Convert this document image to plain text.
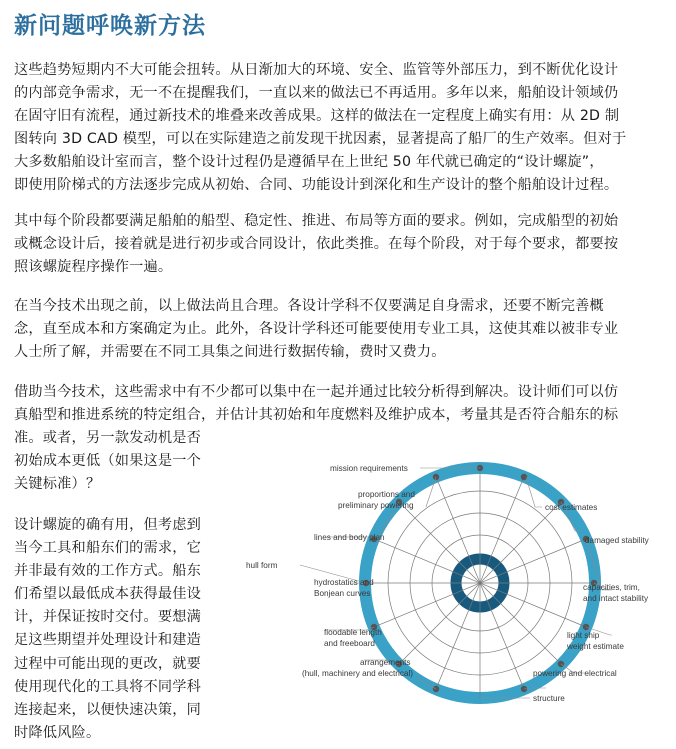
新问题呼唤新方法

这些趋势短期内不大可能会扭转。从日渐加大的环境、安全、监管等外部压力，到不断优化设计
的内部竞争需求，无一不在提醒我们，一直以来的做法已不再适用。多年以来，船舶设计领域仍
在固守旧有流程，通过新技术的堆叠来改善成果。这样的做法在一定程度上确实有用：从 2D 制
图转向 3D CAD 模型，可以在实际建造之前发现干扰因素，显著提高了船厂的生产效率。但对于
大多数船舶设计室而言，整个设计过程仍是遵循早在上世纪 50 年代就已确定的“设计螺旋”，
即使用阶梯式的方法逐步完成从初始、合同、功能设计到深化和生产设计的整个船舶设计过程。

其中每个阶段都要满足船舶的船型、稳定性、推进、布局等方面的要求。例如，完成船型的初始
或概念设计后，接着就是进行初步或合同设计，依此类推。在每个阶段，对于每个要求，都要按
照该螺旋程序操作一遍。

在当今技术出现之前，以上做法尚且合理。各设计学科不仅要满足自身需求，还要不断完善概
念，直至成本和方案确定为止。此外，各设计学科还可能要使用专业工具，这使其难以被非专业
人士所了解，并需要在不同工具集之间进行数据传输，费时又费力。

借助当今技术，这些需求中有不少都可以集中在一起并通过比较分析得到解决。设计师们可以仿
真船型和推进系统的特定组合，并估计其初始和年度燃料及维护成本，考量其是否符合船东的标

准。或者，另一款发动机是否
初始成本更低（如果这是一个
关键标准）？

设计螺旋的确有用，但考虑到
当今工具和船东们的需求，它
并非最有效的工作方式。船东
们希望以最低成本获得最佳设
计，并保证按时交付。要想满
足这些期望并处理设计和建造
过程中可能出现的更改，就要
使用现代化的工具将不同学科
连接起来，以便快速决策，同
时降低风险。

mission requirements
proportions and
preliminary powering	cost estimates
lines and body plan	damaged stability
hull form
hydrostatics and
Bonjean curves
capacities, trim,
and intact stability
floodable length
and freeboard
light ship
weight estimate
arrangements
(hull, machinery and electrical)	powering and electrical
structure
